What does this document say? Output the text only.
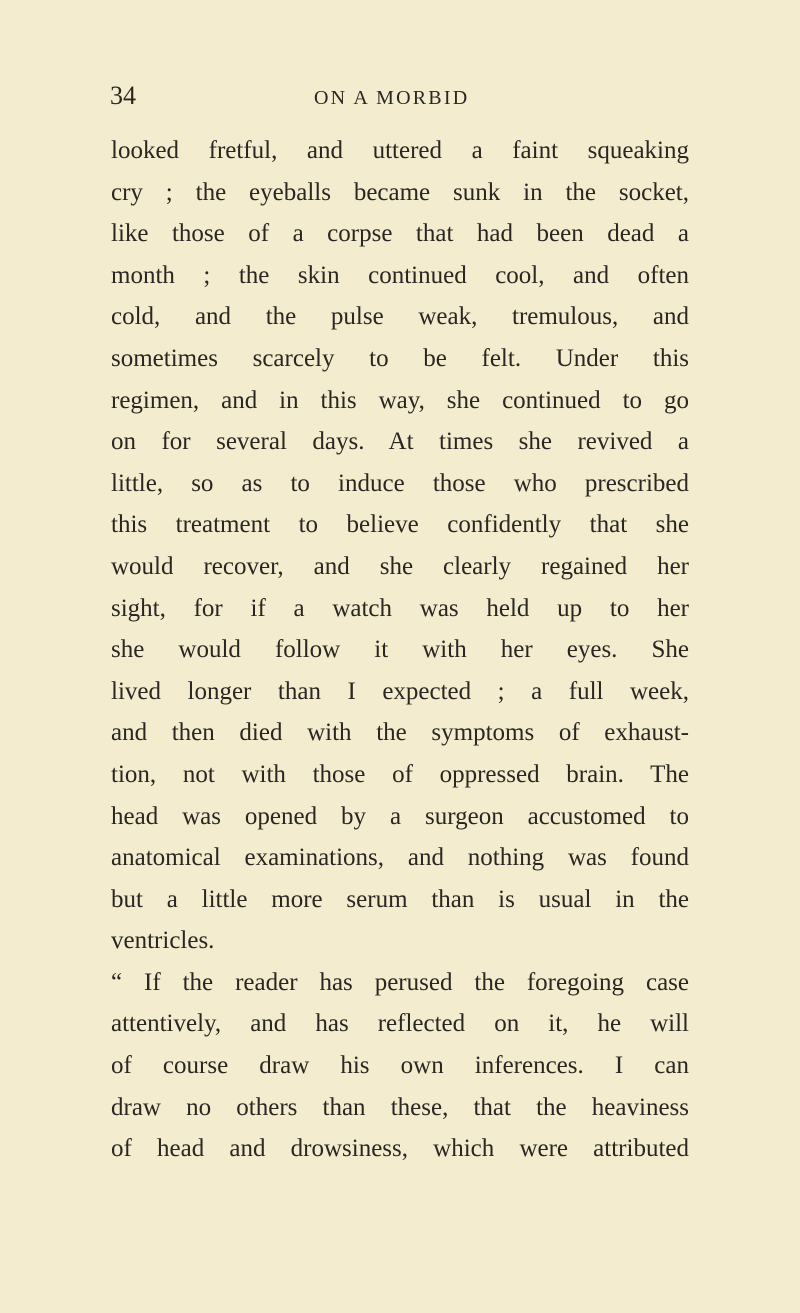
34	ON A MORBID
looked fretful, and uttered a faint squeaking
cry ; the eyeballs became sunk in the socket,
like those of a corpse that had been dead a
month ; the skin continued cool, and often
cold, and the pulse weak, tremulous, and
sometimes scarcely to be felt. Under this
regimen, and in this way, she continued to go
on for several days. At times she revived a
little, so as to induce those who prescribed
this treatment to believe confidently that she
would recover, and she clearly regained her
sight, for if a watch was held up to her
she would follow it with her eyes. She
lived longer than I expected ; a full week,
and then died with the symptoms of exhaust-
tion, not with those of oppressed brain. The
head was opened by a surgeon accustomed to
anatomical examinations, and nothing was found
but a little more serum than is usual in the
ventricles.
“ If the reader has perused the foregoing case
attentively, and has reflected on it, he will
of course draw his own inferences. I can
draw no others than these, that the heaviness
of head and drowsiness, which were attributed
